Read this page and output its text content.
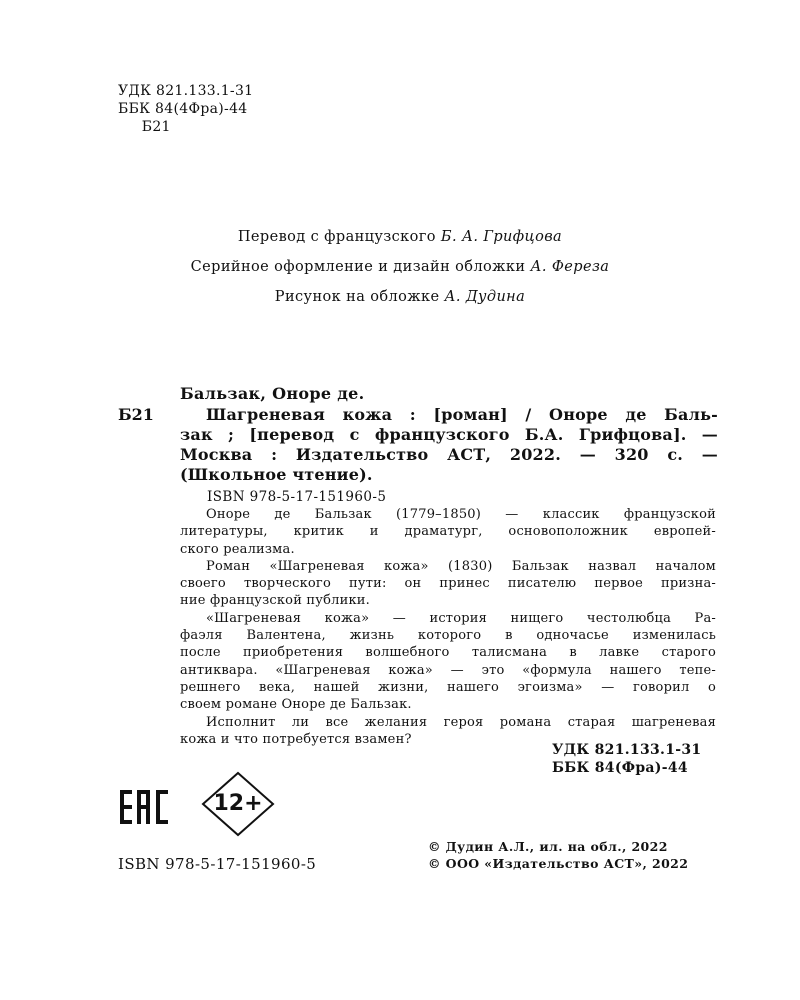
УДК 821.133.1-31
ББК 84(4Фра)-44
Б21
Перевод с французского Б. А. Грифцова
Серийное оформление и дизайн обложки А. Фереза
Рисунок на обложке А. Дудина
Бальзак, Оноре де.
Б21	Шагреневая кожа : [роман] / Оноре де Баль-
зак ; [перевод с французского Б.А. Грифцова]. —
Москва : Издательство АСТ, 2022. — 320 с. —
(Школьное чтение).
ISBN 978-5-17-151960-5
Оноре де Бальзак (1779–1850) — классик французской
литературы, критик и драматург, основоположник европей-
ского реализма.
Роман «Шагреневая кожа» (1830) Бальзак назвал началом
своего творческого пути: он принес писателю первое призна-
ние французской публики.
«Шагреневая кожа» — история нищего честолюбца Ра-
фаэля Валентена, жизнь которого в одночасье изменилась
после приобретения волшебного талисмана в лавке старого
антиквара. «Шагреневая кожа» — это «формула нашего тепе-
решнего века, нашей жизни, нашего эгоизма» — говорил о
своем романе Оноре де Бальзак.
Исполнит ли все желания героя романа старая шагреневая
кожа и что потребуется взамен?
УДК 821.133.1-31
ББК 84(Фра)-44
12+
© Дудин А.Л., ил. на обл., 2022
© ООО «Издательство АСТ», 2022
ISBN 978-5-17-151960-5
